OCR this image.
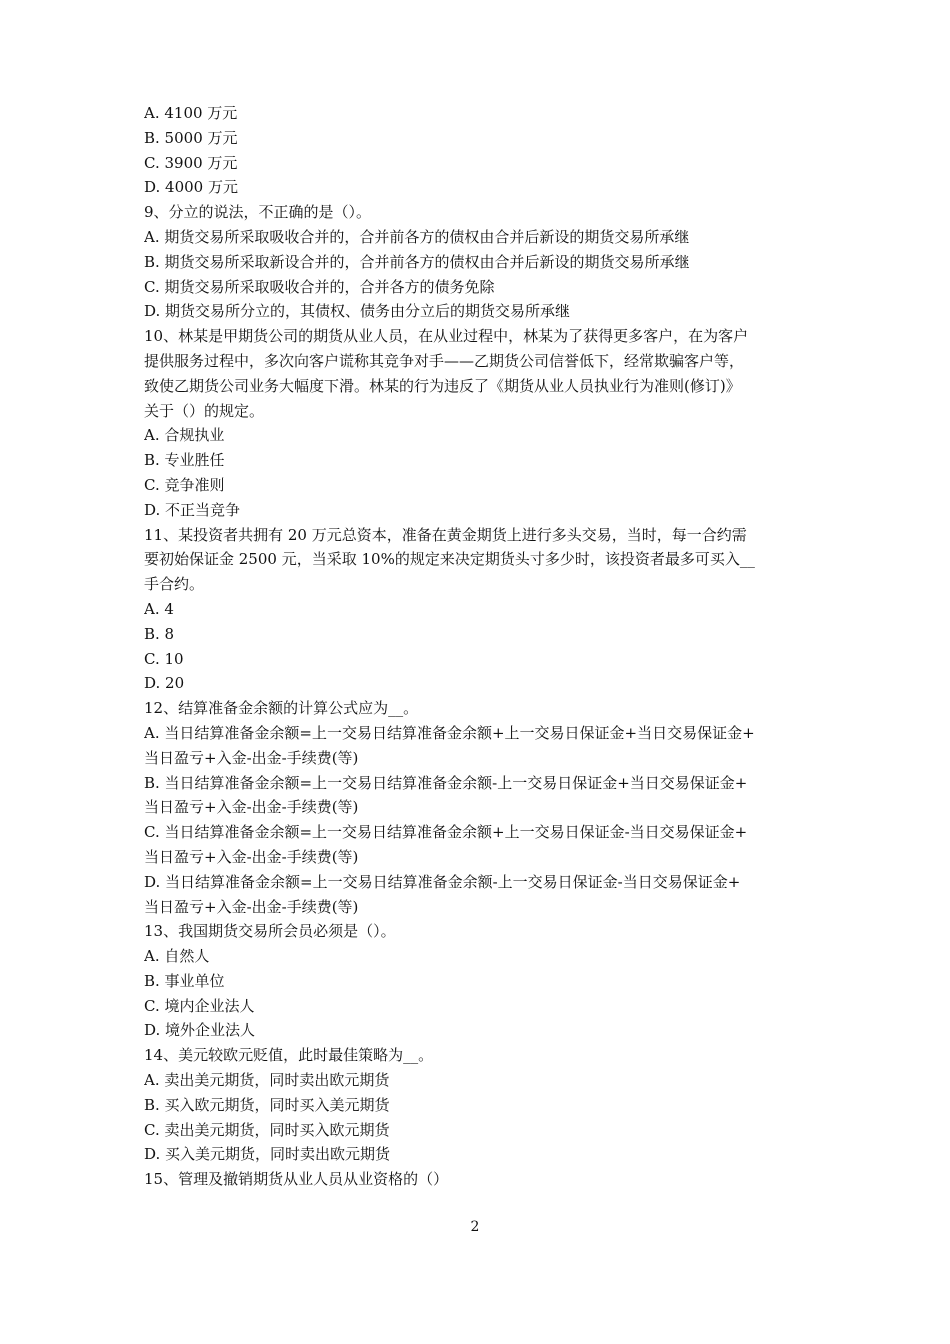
A. 4100 万元

B. 5000 万元

C. 3900 万元

D. 4000 万元

9、分立的说法，不正确的是（）。

A. 期货交易所采取吸收合并的，合并前各方的债权由合并后新设的期货交易所承继

B. 期货交易所采取新设合并的，合并前各方的债权由合并后新设的期货交易所承继

C. 期货交易所采取吸收合并的，合并各方的债务免除

D. 期货交易所分立的，其债权、债务由分立后的期货交易所承继

10、林某是甲期货公司的期货从业人员，在从业过程中，林某为了获得更多客户，在为客户

提供服务过程中，多次向客户谎称其竞争对手——乙期货公司信誉低下，经常欺骗客户等，

致使乙期货公司业务大幅度下滑。林某的行为违反了《期货从业人员执业行为准则(修订)》

关于（）的规定。

A. 合规执业

B. 专业胜任

C. 竞争准则

D. 不正当竞争

11、某投资者共拥有 20 万元总资本，准备在黄金期货上进行多头交易，当时，每一合约需

要初始保证金 2500 元，当采取 10%的规定来决定期货头寸多少时，该投资者最多可买入__

手合约。

A. 4

B. 8

C. 10

D. 20

12、结算准备金余额的计算公式应为__。

A. 当日结算准备金余额=上一交易日结算准备金余额+上一交易日保证金+当日交易保证金+

当日盈亏+入金-出金-手续费(等)

B. 当日结算准备金余额=上一交易日结算准备金余额-上一交易日保证金+当日交易保证金+

当日盈亏+入金-出金-手续费(等)

C. 当日结算准备金余额=上一交易日结算准备金余额+上一交易日保证金-当日交易保证金+

当日盈亏+入金-出金-手续费(等)

D. 当日结算准备金余额=上一交易日结算准备金余额-上一交易日保证金-当日交易保证金+

当日盈亏+入金-出金-手续费(等)

13、我国期货交易所会员必须是（）。

A. 自然人

B. 事业单位

C. 境内企业法人

D. 境外企业法人

14、美元较欧元贬值，此时最佳策略为__。

A. 卖出美元期货，同时卖出欧元期货

B. 买入欧元期货，同时买入美元期货

C. 卖出美元期货，同时买入欧元期货

D. 买入美元期货，同时卖出欧元期货

15、管理及撤销期货从业人员从业资格的（）

2
